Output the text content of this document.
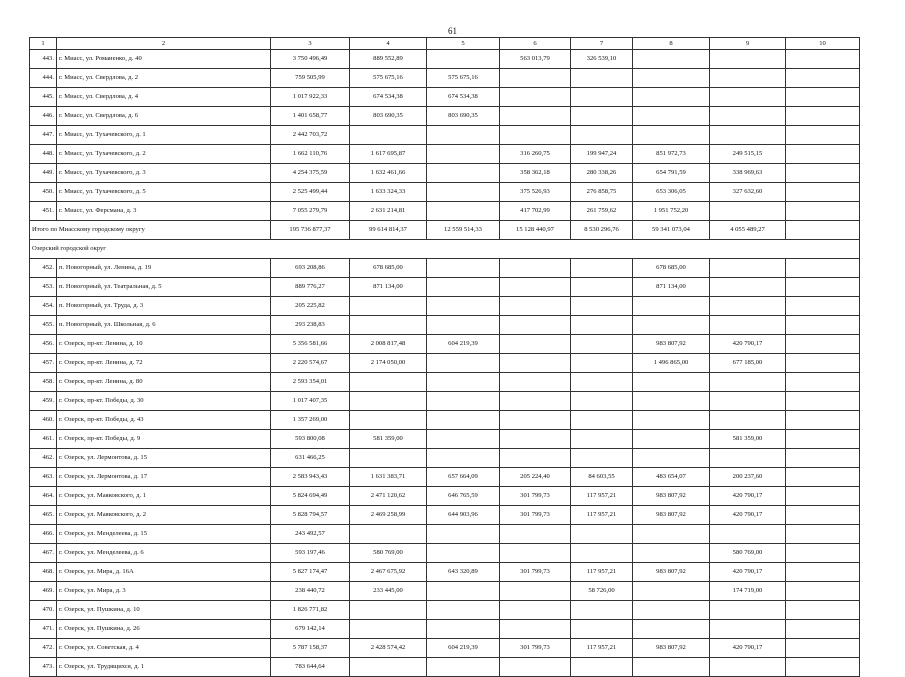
61
1	2	3	4	5	6	7	8	9	10
443.	г. Миасс, ул. Романенко, д. 40	3 750 496,49	889 552,89		563 013,79	326 539,10			
444.	г. Миасс, ул. Свердлова, д. 2	759 505,99	575 675,16	575 675,16					
445.	г. Миасс, ул. Свердлова, д. 4	1 017 922,33	674 534,38	674 534,38					
446.	г. Миасс, ул. Свердлова, д. 6	1 401 658,77	803 690,35	803 690,35					
447.	г. Миасс, ул. Тухачевского, д. 1	2 442 703,72							
448.	г. Миасс, ул. Тухачевского, д. 2	1 662 110,76	1 617 695,87		316 260,75	199 947,24	851 972,73	249 515,15	
449.	г. Миасс, ул. Тухачевского, д. 3	4 254 375,59	1 632 461,66		358 362,18	280 338,26	654 791,59	338 969,63	
450.	г. Миасс, ул. Тухачевского, д. 5	2 525 499,44	1 633 324,33		375 526,93	276 858,75	653 306,05	327 632,60	
451.	г. Миасс, ул. Ферсмана, д. 3	7 055 279,79	2 631 214,81		417 702,99	261 759,62	1 951 752,20		
Итого по Миасскому городскому округу		195 736 877,37	99 614 814,37	12 559 514,33	15 128 440,97	8 530 296,76	59 341 073,04	4 055 489,27	
Озерский городской округ									
452.	п. Новогорный, ул. Ленина, д. 19	693 208,86	678 685,00				678 685,00		
453.	п. Новогорный, ул. Театральная, д. 5	889 776,27	871 134,00				871 134,00		
454.	п. Новогорный, ул. Труда, д. 3	205 225,82							
455.	п. Новогорный, ул. Школьная, д. 6	293 238,83							
456.	г. Озерск, пр-кт. Ленина, д. 10	5 356 581,66	2 008 817,48	604 219,39			983 807,92	420 790,17	
457.	г. Озерск, пр-кт. Ленина, д. 72	2 220 574,67	2 174 050,00				1 496 865,00	677 185,00	
458.	г. Озерск, пр-кт. Ленина, д. 80	2 593 354,01							
459.	г. Озерск, пр-кт. Победы, д. 30	1 017 407,35							
460.	г. Озерск, пр-кт. Победы, д. 43	1 357 269,00							
461.	г. Озерск, пр-кт. Победы, д. 9	593 800,08	581 359,00					581 359,00	
462.	г. Озерск, ул. Лермонтова, д. 15	631 466,25							
463.	г. Озерск, ул. Лермонтова, д. 17	2 583 943,43	1 631 383,71	657 664,09	205 224,40	84 603,55	483 654,07	200 237,60	
464.	г. Озерск, ул. Маяковского, д. 1	5 824 694,49	2 471 120,62	646 765,59	301 799,73	117 957,21	983 807,92	420 790,17	
465.	г. Озерск, ул. Маяковского, д. 2	5 828 794,57	2 469 258,99	644 903,96	301 799,73	117 957,21	983 807,92	420 790,17	
466.	г. Озерск, ул. Менделеева, д. 15	243 492,57							
467.	г. Озерск, ул. Менделеева, д. 6	593 197,46	580 769,00					580 769,00	
468.	г. Озерск, ул. Мира, д. 16А	5 827 174,47	2 467 675,92	643 320,89	301 799,73	117 957,21	983 807,92	420 790,17	
469.	г. Озерск, ул. Мира, д. 3	238 440,72	233 445,00			58 726,00		174 719,00	
470.	г. Озерск, ул. Пушкина, д. 10	1 826 771,82							
471.	г. Озерск, ул. Пушкина, д. 26	679 142,14							
472.	г. Озерск, ул. Советская, д. 4	5 787 158,37	2 428 574,42	604 219,39	301 799,73	117 957,21	983 807,92	420 790,17	
473.	г. Озерск, ул. Трудящихся, д. 1	783 644,64							
